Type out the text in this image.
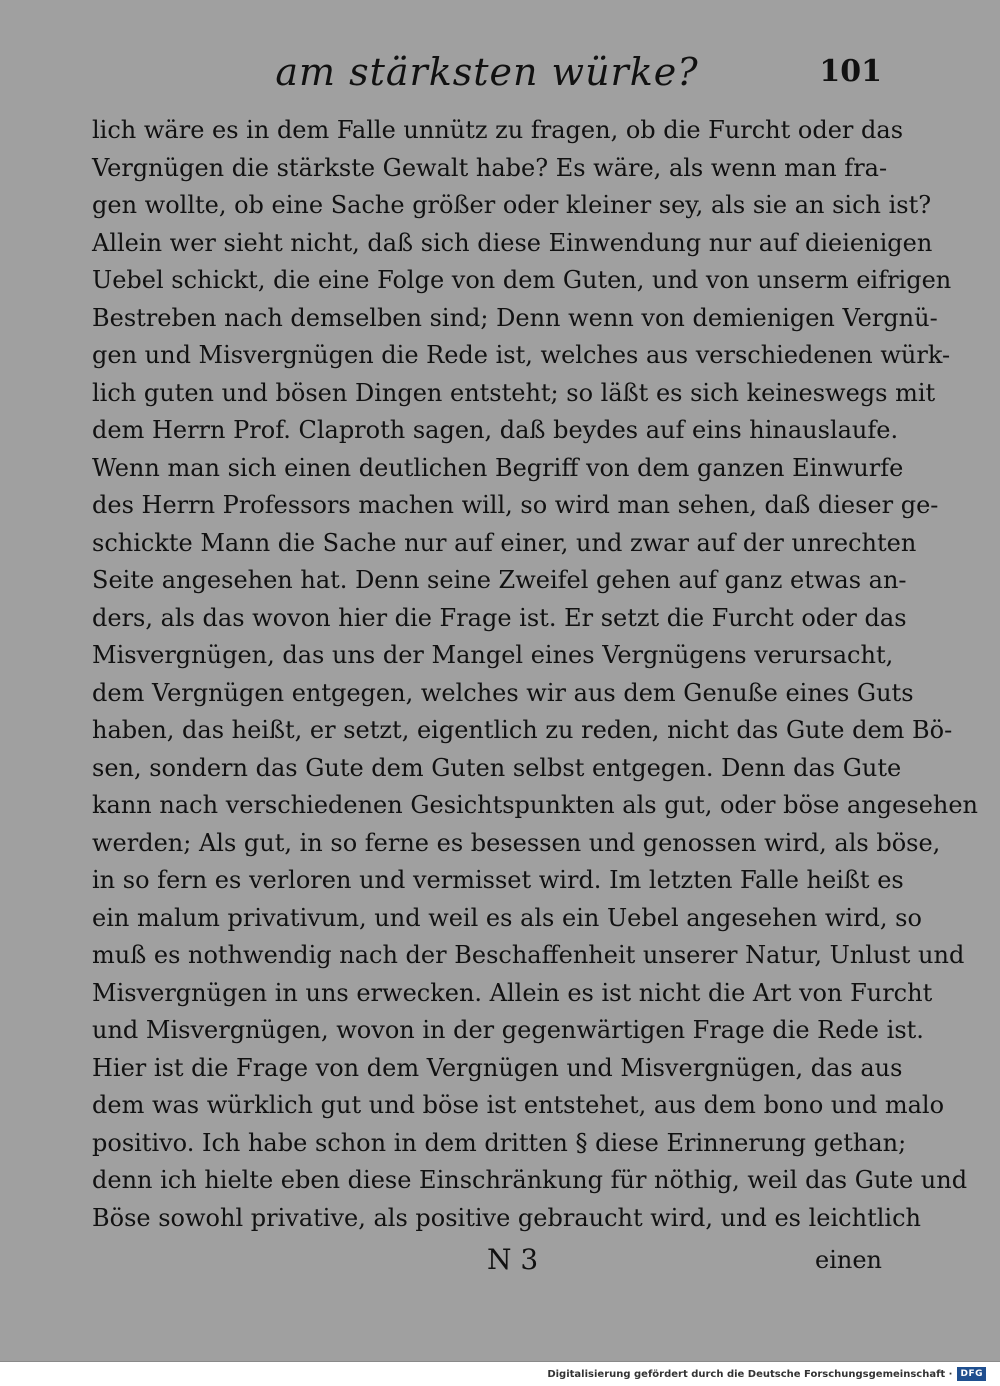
am stärksten würke?	101
lich wäre es in dem Falle unnütz zu fragen, ob die Furcht oder das
Vergnügen die stärkste Gewalt habe? Es wäre, als wenn man fra-
gen wollte, ob eine Sache größer oder kleiner sey, als sie an sich ist?
Allein wer sieht nicht, daß sich diese Einwendung nur auf dieienigen
Uebel schickt, die eine Folge von dem Guten, und von unserm eifrigen
Bestreben nach demselben sind; Denn wenn von demienigen Vergnü-
gen und Misvergnügen die Rede ist, welches aus verschiedenen würk-
lich guten und bösen Dingen entsteht; so läßt es sich keineswegs mit
dem Herrn Prof. Claproth sagen, daß beydes auf eins hinauslaufe.
Wenn man sich einen deutlichen Begriff von dem ganzen Einwurfe
des Herrn Professors machen will, so wird man sehen, daß dieser ge-
schickte Mann die Sache nur auf einer, und zwar auf der unrechten
Seite angesehen hat. Denn seine Zweifel gehen auf ganz etwas an-
ders, als das wovon hier die Frage ist. Er setzt die Furcht oder das
Misvergnügen, das uns der Mangel eines Vergnügens verursacht,
dem Vergnügen entgegen, welches wir aus dem Genuße eines Guts
haben, das heißt, er setzt, eigentlich zu reden, nicht das Gute dem Bö-
sen, sondern das Gute dem Guten selbst entgegen. Denn das Gute
kann nach verschiedenen Gesichtspunkten als gut, oder böse angesehen
werden; Als gut, in so ferne es besessen und genossen wird, als böse,
in so fern es verloren und vermisset wird. Im letzten Falle heißt es
ein malum privativum, und weil es als ein Uebel angesehen wird, so
muß es nothwendig nach der Beschaffenheit unserer Natur, Unlust und
Misvergnügen in uns erwecken. Allein es ist nicht die Art von Furcht
und Misvergnügen, wovon in der gegenwärtigen Frage die Rede ist.
Hier ist die Frage von dem Vergnügen und Misvergnügen, das aus
dem was würklich gut und böse ist entstehet, aus dem bono und malo
positivo. Ich habe schon in dem dritten § diese Erinnerung gethan;
denn ich hielte eben diese Einschränkung für nöthig, weil das Gute und
Böse sowohl privative, als positive gebraucht wird, und es leichtlich
N 3	einen
Digitalisierung gefördert durch die Deutsche Forschungsgemeinschaft · DFG
